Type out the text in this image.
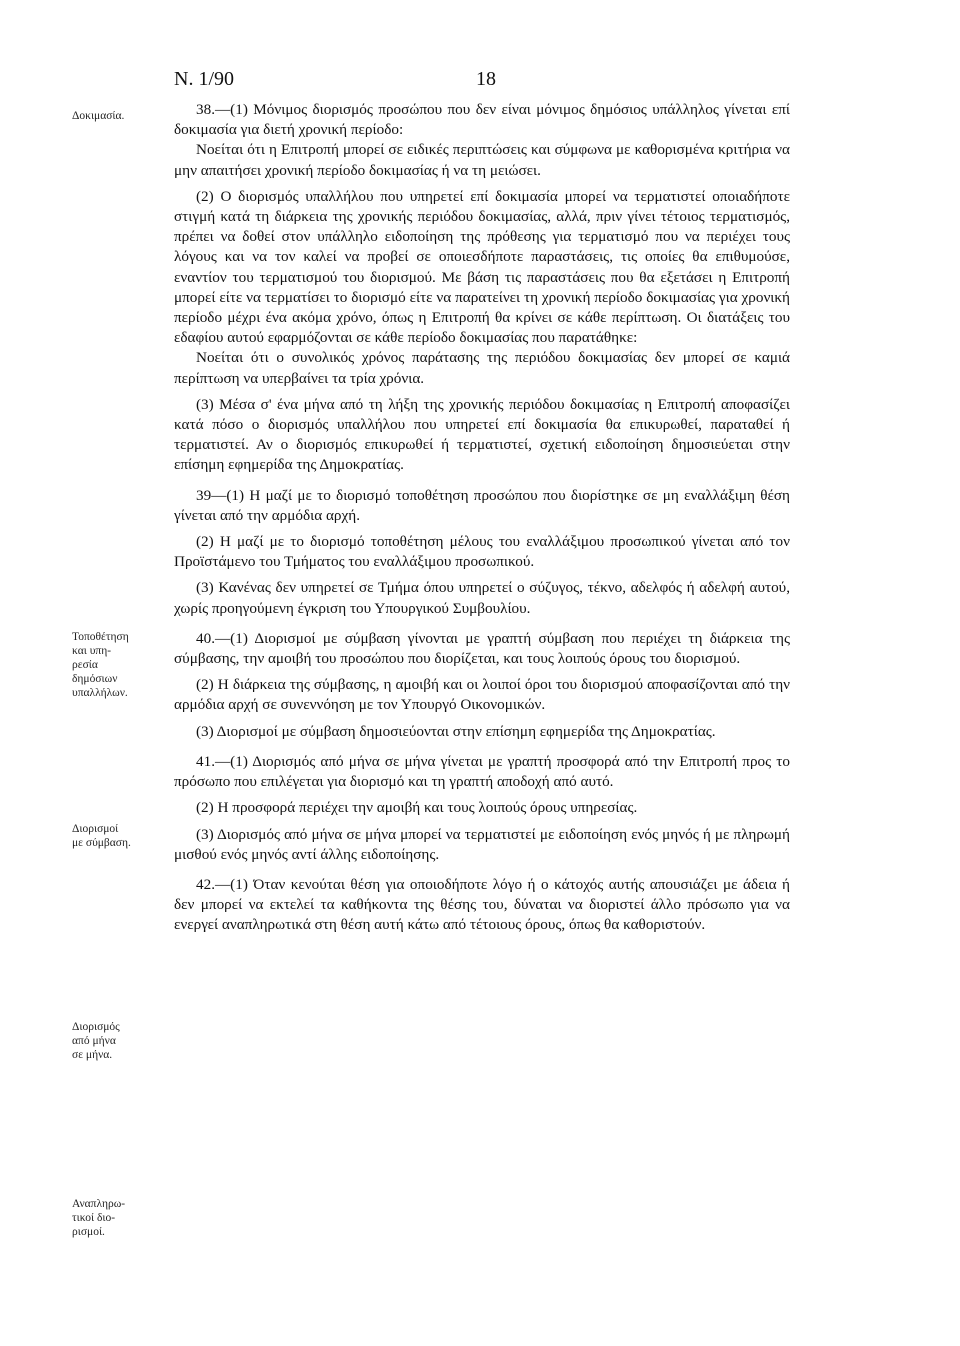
Ν. 1/90	18
Δοκιμασία.
Τοποθέτηση
και υπη-
ρεσία
δημόσιων
υπαλλήλων.
Διορισμοί
με σύμβαση.
Διορισμός
από μήνα
σε μήνα.
Αναπληρω-
τικοί διο-
ρισμοί.

38.—(1) Μόνιμος διορισμός προσώπου που δεν είναι μόνιμος δημόσιος υπάλληλος γίνεται επί δοκιμασία για διετή χρονική περίοδο:

Νοείται ότι η Επιτροπή μπορεί σε ειδικές περιπτώσεις και σύμφωνα με καθορισμένα κριτήρια να μην απαιτήσει χρονική περίοδο δοκιμασίας ή να τη μειώσει.

(2) Ο διορισμός υπαλλήλου που υπηρετεί επί δοκιμασία μπορεί να τερματιστεί οποιαδήποτε στιγμή κατά τη διάρκεια της χρονικής περιόδου δοκιμασίας, αλλά, πριν γίνει τέτοιος τερματισμός, πρέπει να δοθεί στον υπάλληλο ειδοποίηση της πρόθεσης για τερματισμό που να περιέχει τους λόγους και να τον καλεί να προβεί σε οποιεσδήποτε παραστάσεις, τις οποίες θα επιθυμούσε, εναντίον του τερματισμού του διορισμού. Με βάση τις παραστάσεις που θα εξετάσει η Επιτροπή μπορεί είτε να τερματίσει το διορισμό είτε να παρατείνει τη χρονική περίοδο δοκιμασίας για χρονική περίοδο μέχρι ένα ακόμα χρόνο, όπως η Επιτροπή θα κρίνει σε κάθε περίπτωση. Οι διατάξεις του εδαφίου αυτού εφαρμόζονται σε κάθε περίοδο δοκιμασίας που παρατάθηκε:

Νοείται ότι ο συνολικός χρόνος παράτασης της περιόδου δοκιμασίας δεν μπορεί σε καμιά περίπτωση να υπερβαίνει τα τρία χρόνια.

(3) Μέσα σ' ένα μήνα από τη λήξη της χρονικής περιόδου δοκιμασίας η Επιτροπή αποφασίζει κατά πόσο ο διορισμός υπαλλήλου που υπηρετεί επί δοκιμασία θα επικυρωθεί, παραταθεί ή τερματιστεί. Αν ο διορισμός επικυρωθεί ή τερματιστεί, σχετική ειδοποίηση δημοσιεύεται στην επίσημη εφημερίδα της Δημοκρατίας.

39—(1) Η μαζί με το διορισμό τοποθέτηση προσώπου που διορίστηκε σε μη εναλλάξιμη θέση γίνεται από την αρμόδια αρχή.

(2) Η μαζί με το διορισμό τοποθέτηση μέλους του εναλλάξιμου προσωπικού γίνεται από τον Προϊστάμενο του Τμήματος του εναλλάξιμου προσωπικού.

(3) Κανένας δεν υπηρετεί σε Τμήμα όπου υπηρετεί ο σύζυγος, τέκνο, αδελφός ή αδελφή αυτού, χωρίς προηγούμενη έγκριση του Υπουργικού Συμβουλίου.

40.—(1) Διορισμοί με σύμβαση γίνονται με γραπτή σύμβαση που περιέχει τη διάρκεια της σύμβασης, την αμοιβή του προσώπου που διορίζεται, και τους λοιπούς όρους του διορισμού.

(2) Η διάρκεια της σύμβασης, η αμοιβή και οι λοιποί όροι του διορισμού αποφασίζονται από την αρμόδια αρχή σε συνεννόηση με τον Υπουργό Οικονομικών.

(3) Διορισμοί με σύμβαση δημοσιεύονται στην επίσημη εφημερίδα της Δημοκρατίας.

41.—(1) Διορισμός από μήνα σε μήνα γίνεται με γραπτή προσφορά από την Επιτροπή προς το πρόσωπο που επιλέγεται για διορισμό και τη γραπτή αποδοχή από αυτό.

(2) Η προσφορά περιέχει την αμοιβή και τους λοιπούς όρους υπηρεσίας.

(3) Διορισμός από μήνα σε μήνα μπορεί να τερματιστεί με ειδοποίηση ενός μηνός ή με πληρωμή μισθού ενός μηνός αντί άλλης ειδοποίησης.

42.—(1) Όταν κενούται θέση για οποιοδήποτε λόγο ή ο κάτοχός αυτής απουσιάζει με άδεια ή δεν μπορεί να εκτελεί τα καθήκοντα της θέσης του, δύναται να διοριστεί άλλο πρόσωπο για να ενεργεί αναπληρωτικά στη θέση αυτή κάτω από τέτοιους όρους, όπως θα καθοριστούν.
